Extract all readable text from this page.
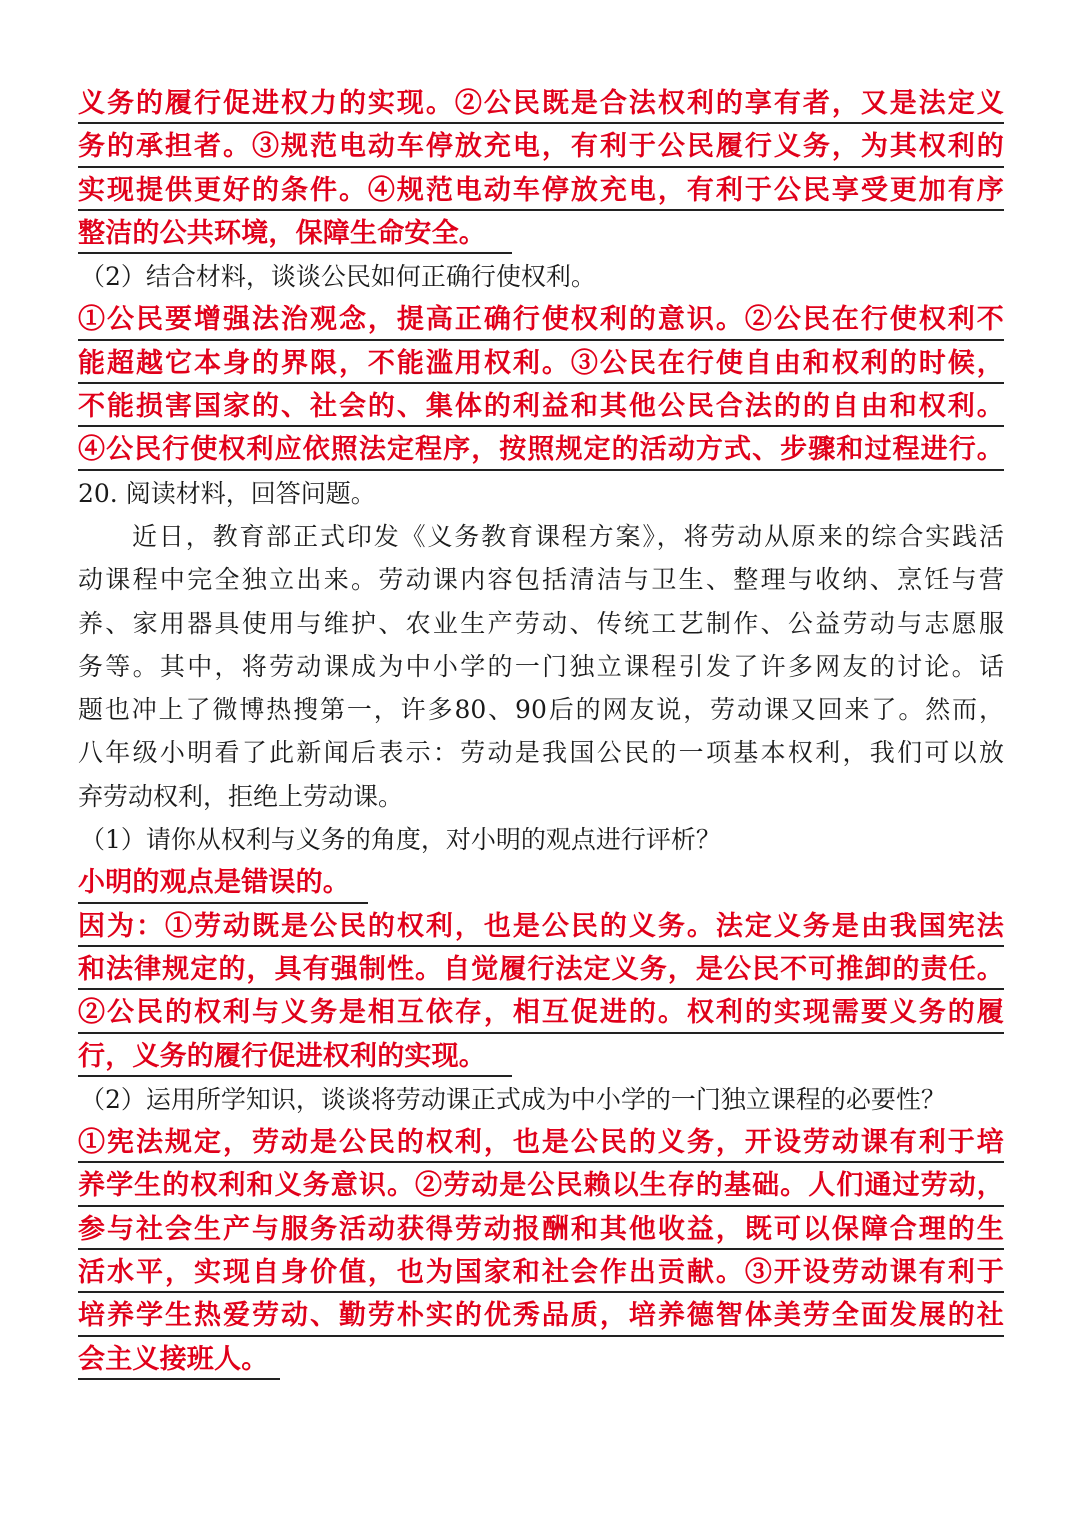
义务的履行促进权力的实现。②公民既是合法权利的享有者，又是法定义
务的承担者。③规范电动车停放充电，有利于公民履行义务，为其权利的
实现提供更好的条件。④规范电动车停放充电，有利于公民享受更加有序
整洁的公共环境，保障生命安全。
（2）结合材料，谈谈公民如何正确行使权利。
①公民要增强法治观念，提高正确行使权利的意识。②公民在行使权利不
能超越它本身的界限，不能滥用权利。③公民在行使自由和权利的时候，
不能损害国家的、社会的、集体的利益和其他公民合法的的自由和权利。
④公民行使权利应依照法定程序，按照规定的活动方式、步骤和过程进行。
20. 阅读材料，回答问题。
近日，教育部正式印发《义务教育课程方案》，将劳动从原来的综合实践活
动课程中完全独立出来。劳动课内容包括清洁与卫生、整理与收纳、烹饪与营
养、家用器具使用与维护、农业生产劳动、传统工艺制作、公益劳动与志愿服
务等。其中，将劳动课成为中小学的一门独立课程引发了许多网友的讨论。话
题也冲上了微博热搜第一，许多80、90后的网友说，劳动课又回来了。然而，
八年级小明看了此新闻后表示：劳动是我国公民的一项基本权利，我们可以放
弃劳动权利，拒绝上劳动课。
（1）请你从权利与义务的角度，对小明的观点进行评析？
小明的观点是错误的。
因为：①劳动既是公民的权利，也是公民的义务。法定义务是由我国宪法
和法律规定的，具有强制性。自觉履行法定义务，是公民不可推卸的责任。
②公民的权利与义务是相互依存，相互促进的。权利的实现需要义务的履
行，义务的履行促进权利的实现。
（2）运用所学知识，谈谈将劳动课正式成为中小学的一门独立课程的必要性？
①宪法规定，劳动是公民的权利，也是公民的义务，开设劳动课有利于培
养学生的权利和义务意识。②劳动是公民赖以生存的基础。人们通过劳动，
参与社会生产与服务活动获得劳动报酬和其他收益，既可以保障合理的生
活水平，实现自身价值，也为国家和社会作出贡献。③开设劳动课有利于
培养学生热爱劳动、勤劳朴实的优秀品质，培养德智体美劳全面发展的社
会主义接班人。
